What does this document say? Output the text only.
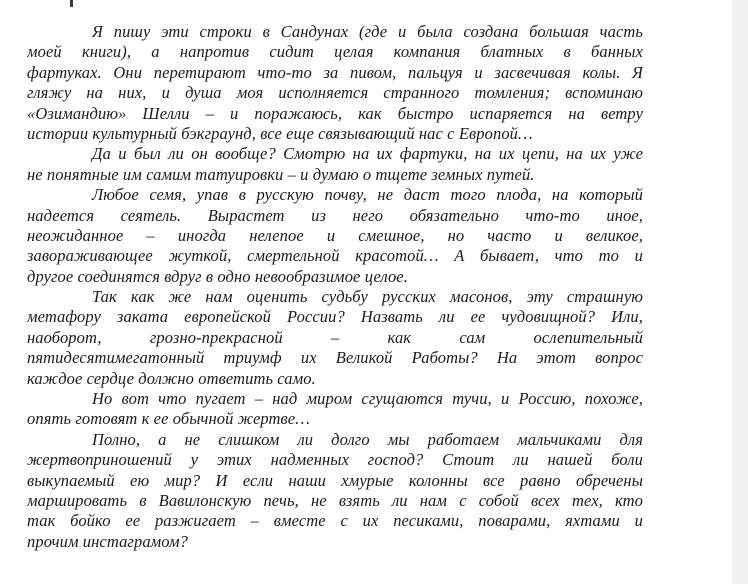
Я пишу эти строки в Сандунах (где и была создана большая часть
моей книги), а напротив сидит целая компания блатных в банных
фартуках. Они перетирают что-то за пивом, пальцуя и засвечивая колы. Я
гляжу на них, и душа моя исполняется странного томления; вспоминаю
«Озимандию» Шелли – и поражаюсь, как быстро испаряется на ветру
истории культурный бэкграунд, все еще связывающий нас с Европой…
Да и был ли он вообще? Смотрю на их фартуки, на их цепи, на их уже
не понятные им самим татуировки – и думаю о тщете земных путей.
Любое семя, упав в русскую почву, не даст того плода, на который
надеется сеятель. Вырастет из него обязательно что-то иное,
неожиданное – иногда нелепое и смешное, но часто и великое,
завораживающее жуткой, смертельной красотой… А бывает, что то и
другое соединятся вдруг в одно невообразимое целое.
Так как же нам оценить судьбу русских масонов, эту страшную
метафору заката европейской России? Назвать ли ее чудовищной? Или,
наоборот, грозно-прекрасной – как сам ослепительный
пятидесятимегатонный триумф их Великой Работы? На этот вопрос
каждое сердце должно ответить само.
Но вот что пугает – над миром сгущаются тучи, и Россию, похоже,
опять готовят к ее обычной жертве…
Полно, а не слишком ли долго мы работаем мальчиками для
жертвоприношений у этих надменных господ? Стоит ли нашей боли
выкупаемый ею мир? И если наши хмурые колонны все равно обречены
маршировать в Вавилонскую печь, не взять ли нам с собой всех тех, кто
так бойко ее разжигает – вместе с их песиками, поварами, яхтами и
прочим инстаграмом?
